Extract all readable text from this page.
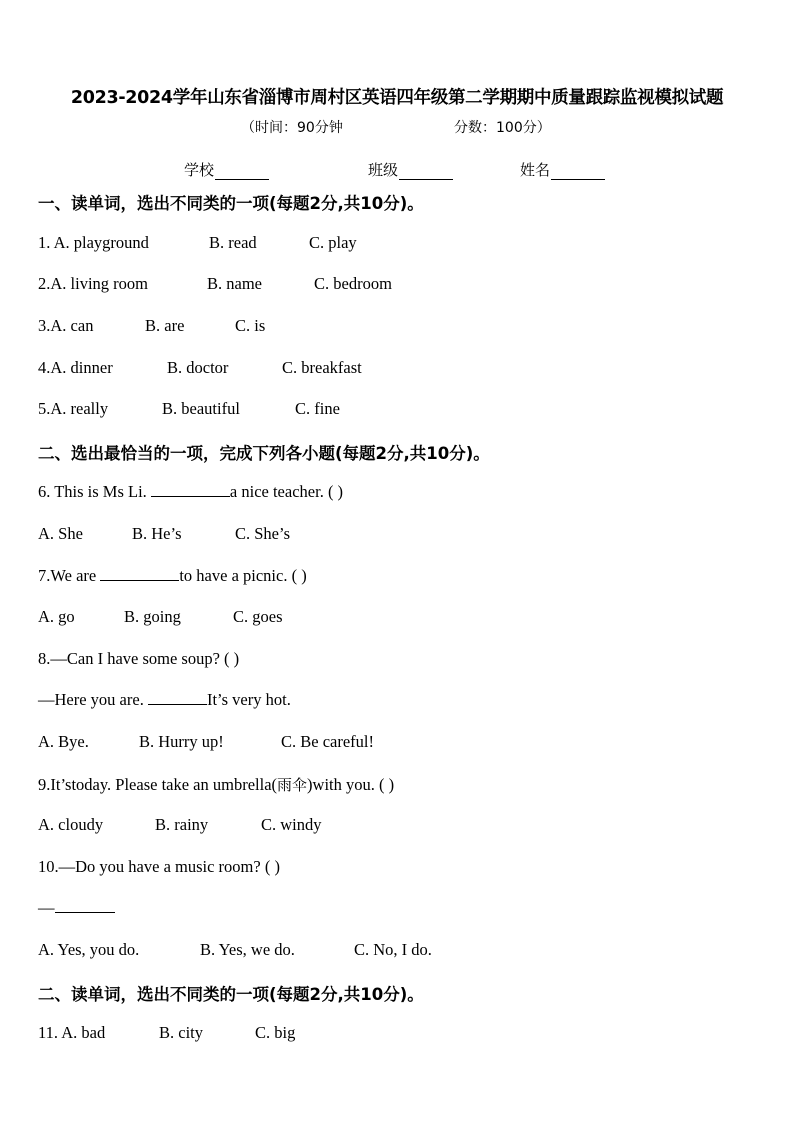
2023-2024学年山东省淄博市周村区英语四年级第二学期期中质量跟踪监视模拟试题
（时间：90分钟	分数：100分）
学校	班级	姓名
一、读单词，选出不同类的一项(每题2分,共10分)。
1. A. playground	B. read	C. play
2.A. living room	B. name	C. bedroom
3.A. can	B. are	C. is
4.A. dinner	B. doctor	C. breakfast
5.A. really	B. beautiful	C. fine
二、选出最恰当的一项，完成下列各小题(每题2分,共10分)。
6. This is Ms Li.	a nice teacher. ( )
A. She	B. He’s	C. She’s
7.We are	to have a picnic. ( )
A. go	B. going	C. goes
8.—Can I have some soup? ( )
—Here you are.	It’s very hot.
A. Bye.	B. Hurry up!	C. Be careful!
9.It’stoday. Please take an umbrella(雨伞)with you. ( )
A. cloudy	B. rainy	C. windy
10.—Do you have a music room? ( )
—
A. Yes, you do.	B. Yes, we do.	C. No, I do.
二、读单词，选出不同类的一项(每题2分,共10分)。
11. A. bad	B. city	C. big
